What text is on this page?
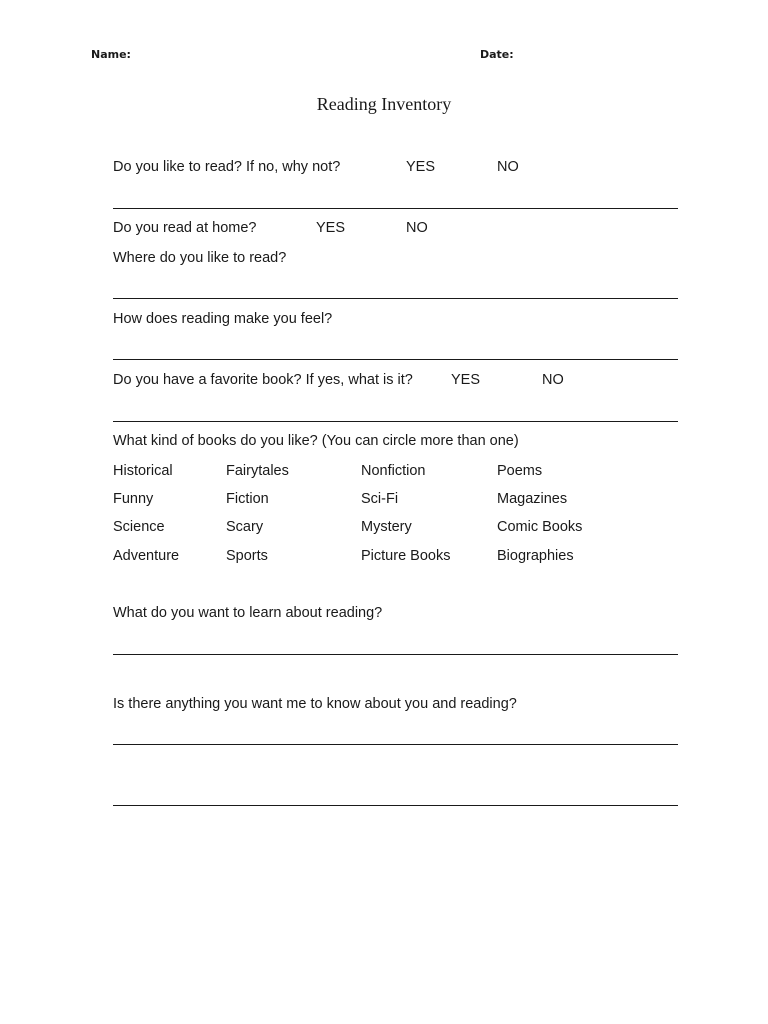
Name:	Date:
Reading Inventory
Do you like to read? If no, why not?	YES	NO
Do you read at home?	YES	NO
Where do you like to read?
How does reading make you feel?
Do you have a favorite book? If yes, what is it?	YES	NO
What kind of books do you like? (You can circle more than one)
Historical	Fairytales	Nonfiction	Poems
Funny	Fiction	Sci-Fi	Magazines
Science	Scary	Mystery	Comic Books
Adventure	Sports	Picture Books	Biographies
What do you want to learn about reading?
Is there anything you want me to know about you and reading?
